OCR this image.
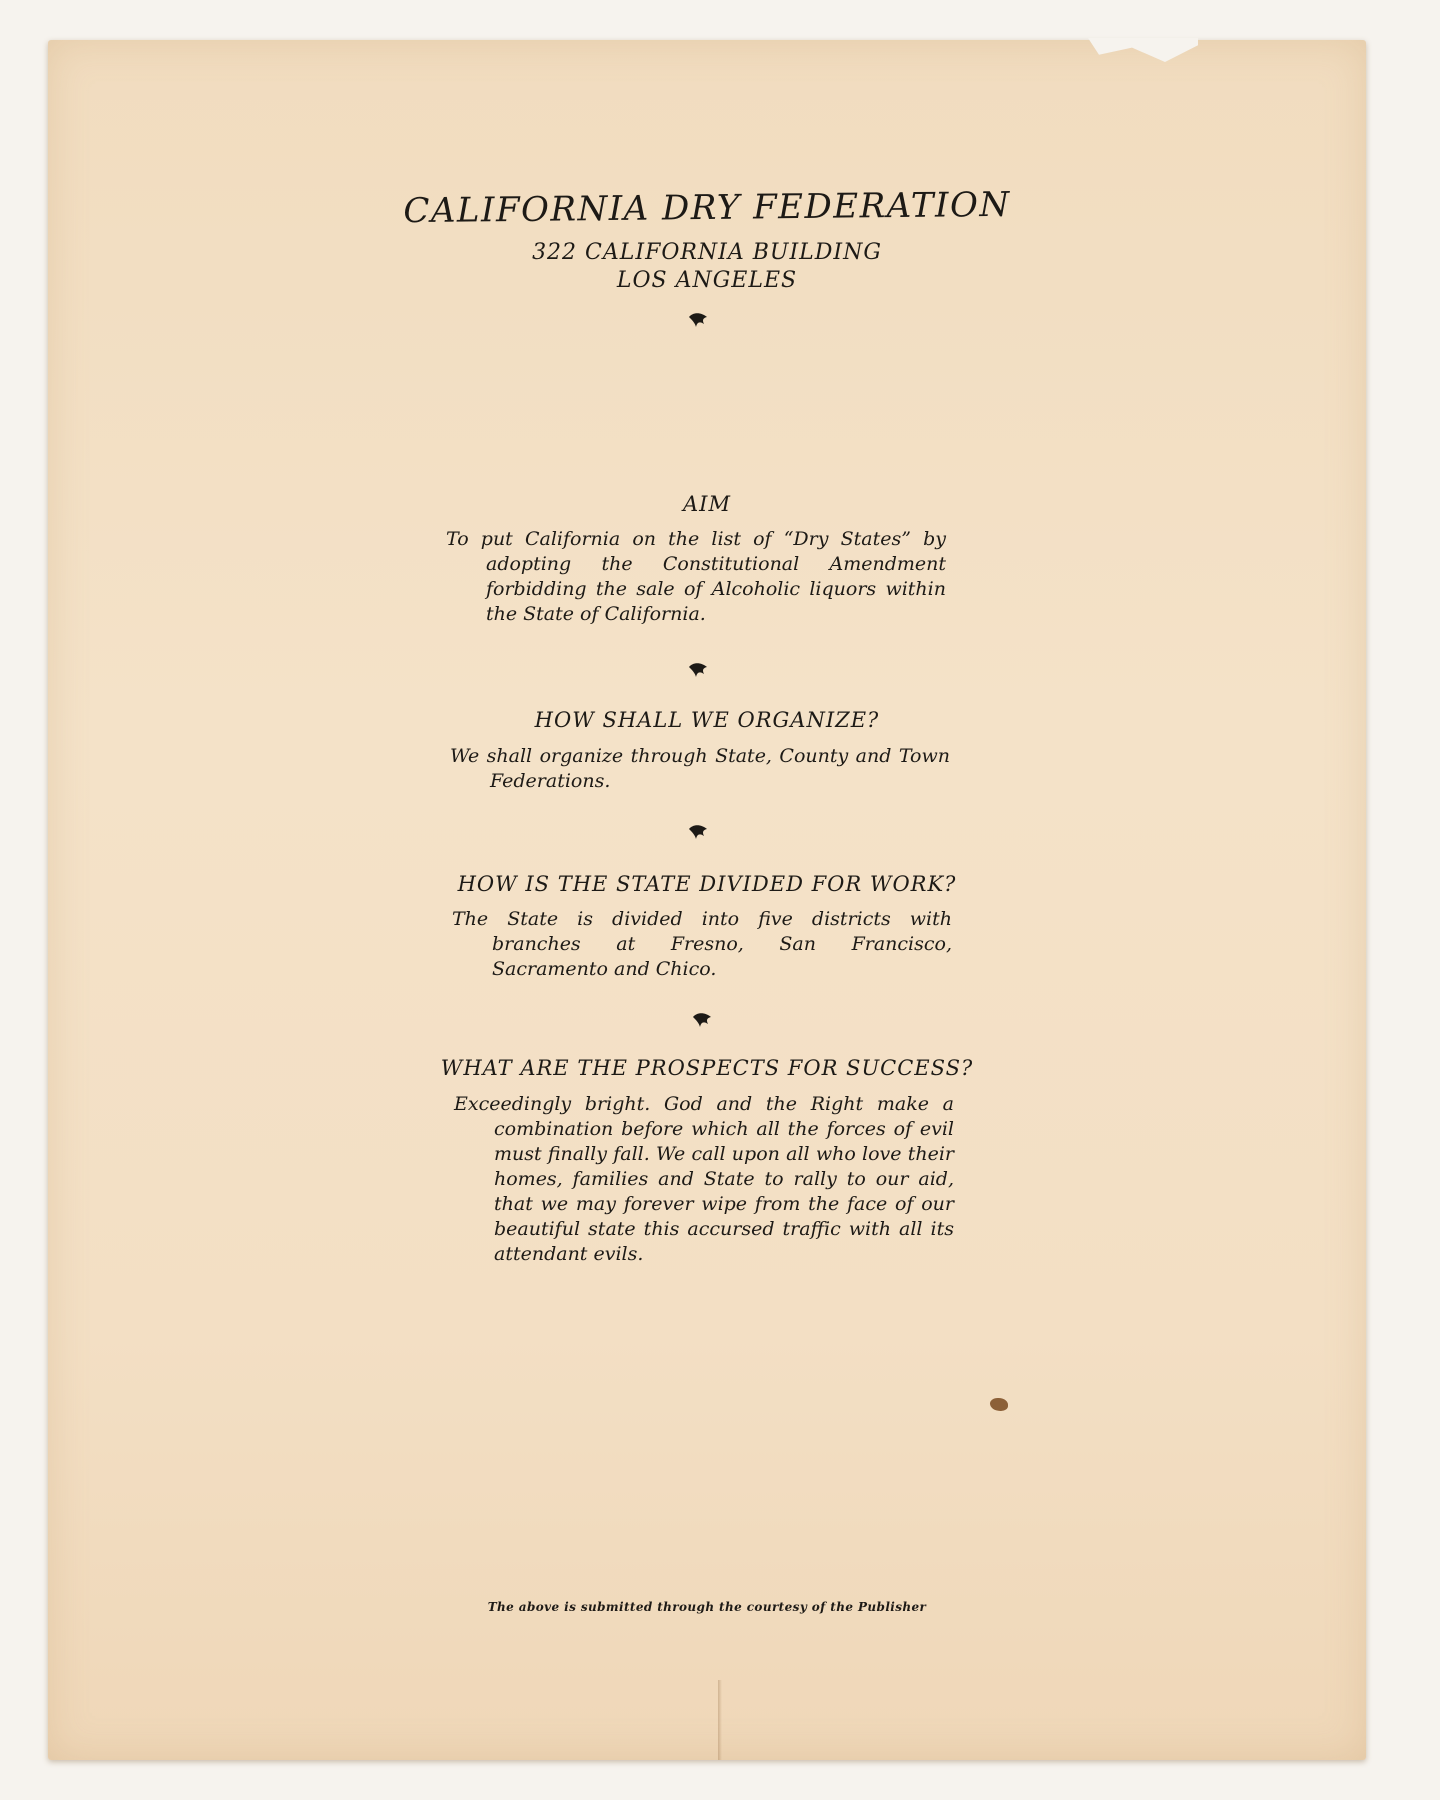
CALIFORNIA DRY FEDERATION
322 CALIFORNIA BUILDING
LOS ANGELES
AIM
To put California on the list of “Dry States” by adopting the Constitutional Amendment forbidding the sale of Alcoholic liquors within the State of California.
HOW SHALL WE ORGANIZE?
We shall organize through State, County and Town Federations.
HOW IS THE STATE DIVIDED FOR WORK?
The State is divided into five districts with branches at Fresno, San Francisco, Sacramento and Chico.
WHAT ARE THE PROSPECTS FOR SUCCESS?
Exceedingly bright. God and the Right make a combination before which all the forces of evil must finally fall. We call upon all who love their homes, families and State to rally to our aid, that we may forever wipe from the face of our beautiful state this accursed traffic with all its attendant evils.
The above is submitted through the courtesy of the Publisher
